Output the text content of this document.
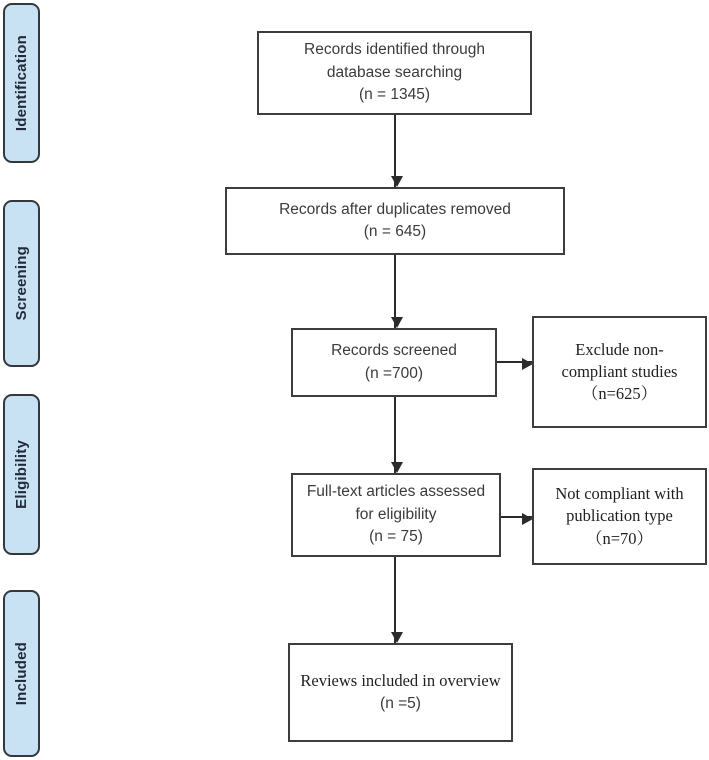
Identification
Screening
Eligibility
Included
Records identified through
database searching
(n = 1345)
Records after duplicates removed
(n = 645)
Records screened
(n =700)
Full-text articles assessed
for eligibility
(n = 75)
Reviews included in overview
(n =5)
Exclude non-
compliant studies
（n=625）
Not compliant with
publication type
（n=70）
